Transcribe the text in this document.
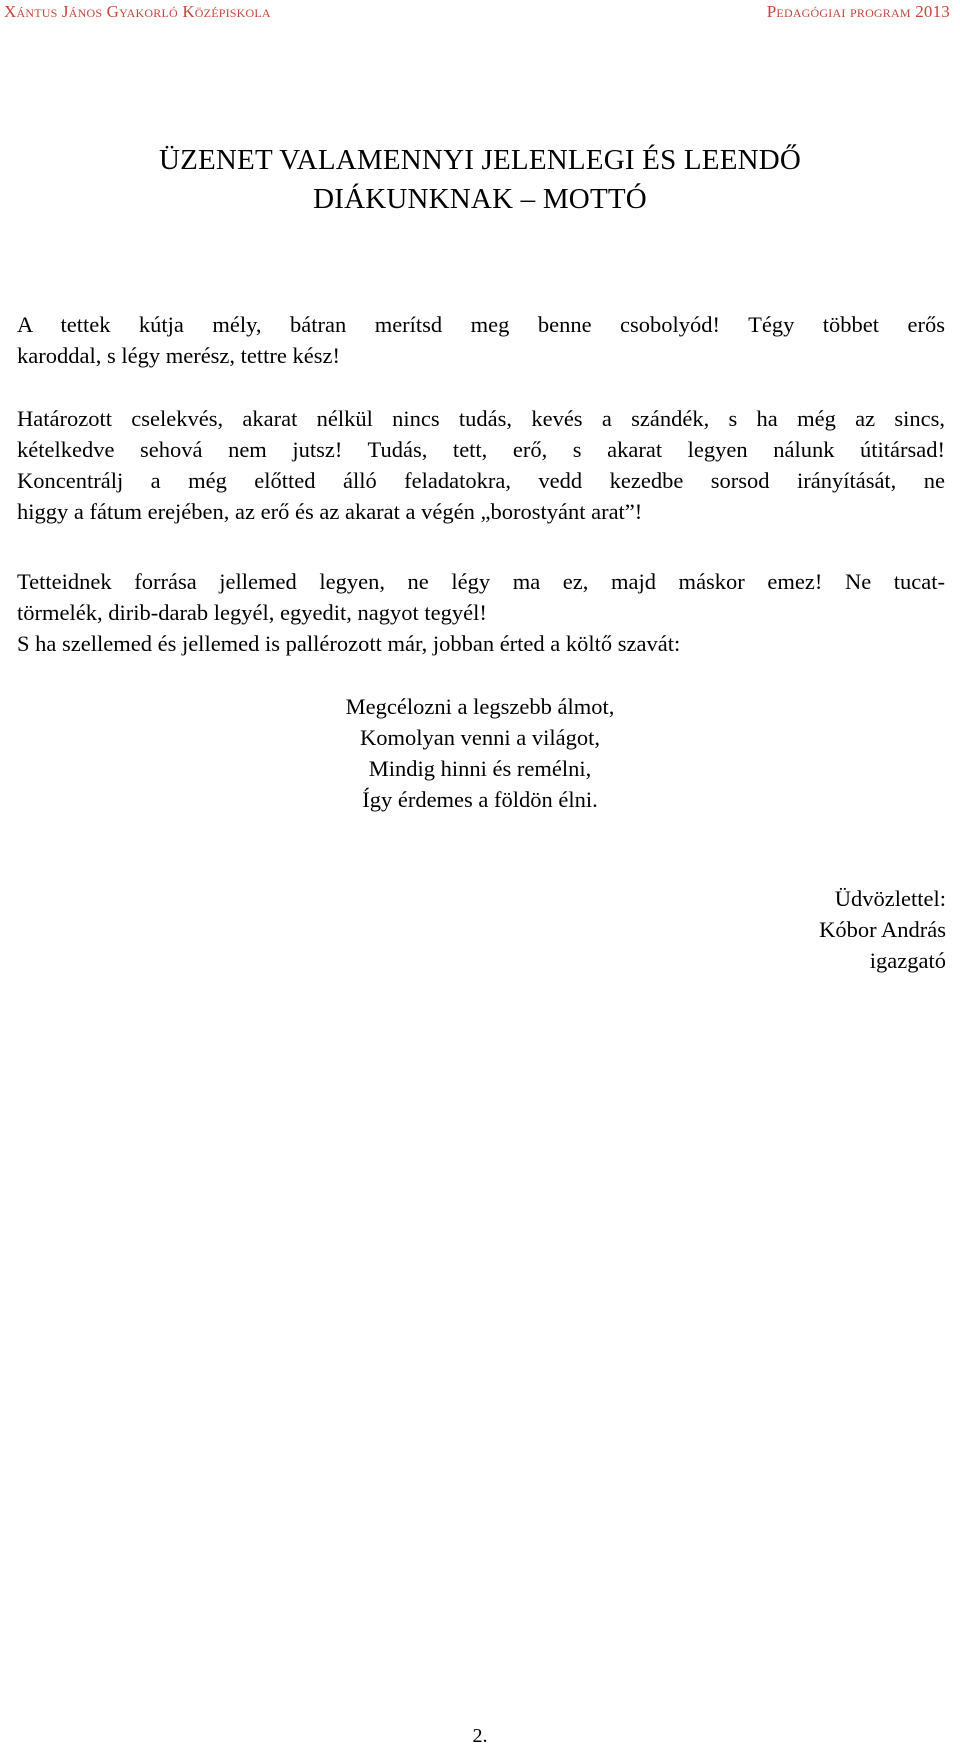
Xántus János Gyakorló Középiskola	Pedagógiai program 2013
ÜZENET VALAMENNYI JELENLEGI ÉS LEENDŐ
DIÁKUNKNAK – MOTTÓ
A tettek kútja mély, bátran merítsd meg benne csobolyód! Tégy többet erős
karoddal, s légy merész, tettre kész!
Határozott cselekvés, akarat nélkül nincs tudás, kevés a szándék, s ha még az sincs,
kételkedve sehová nem jutsz! Tudás, tett, erő, s akarat legyen nálunk útitársad!
Koncentrálj a még előtted álló feladatokra, vedd kezedbe sorsod irányítását, ne
higgy a fátum erejében, az erő és az akarat a végén „borostyánt arat”!
Tetteidnek forrása jellemed legyen, ne légy ma ez, majd máskor emez! Ne tucat-
törmelék, dirib-darab legyél, egyedit, nagyot tegyél!
S ha szellemed és jellemed is pallérozott már, jobban érted a költő szavát:
Megcélozni a legszebb álmot,
Komolyan venni a világot,
Mindig hinni és remélni,
Így érdemes a földön élni.
Üdvözlettel:
Kóbor András
igazgató
2.
